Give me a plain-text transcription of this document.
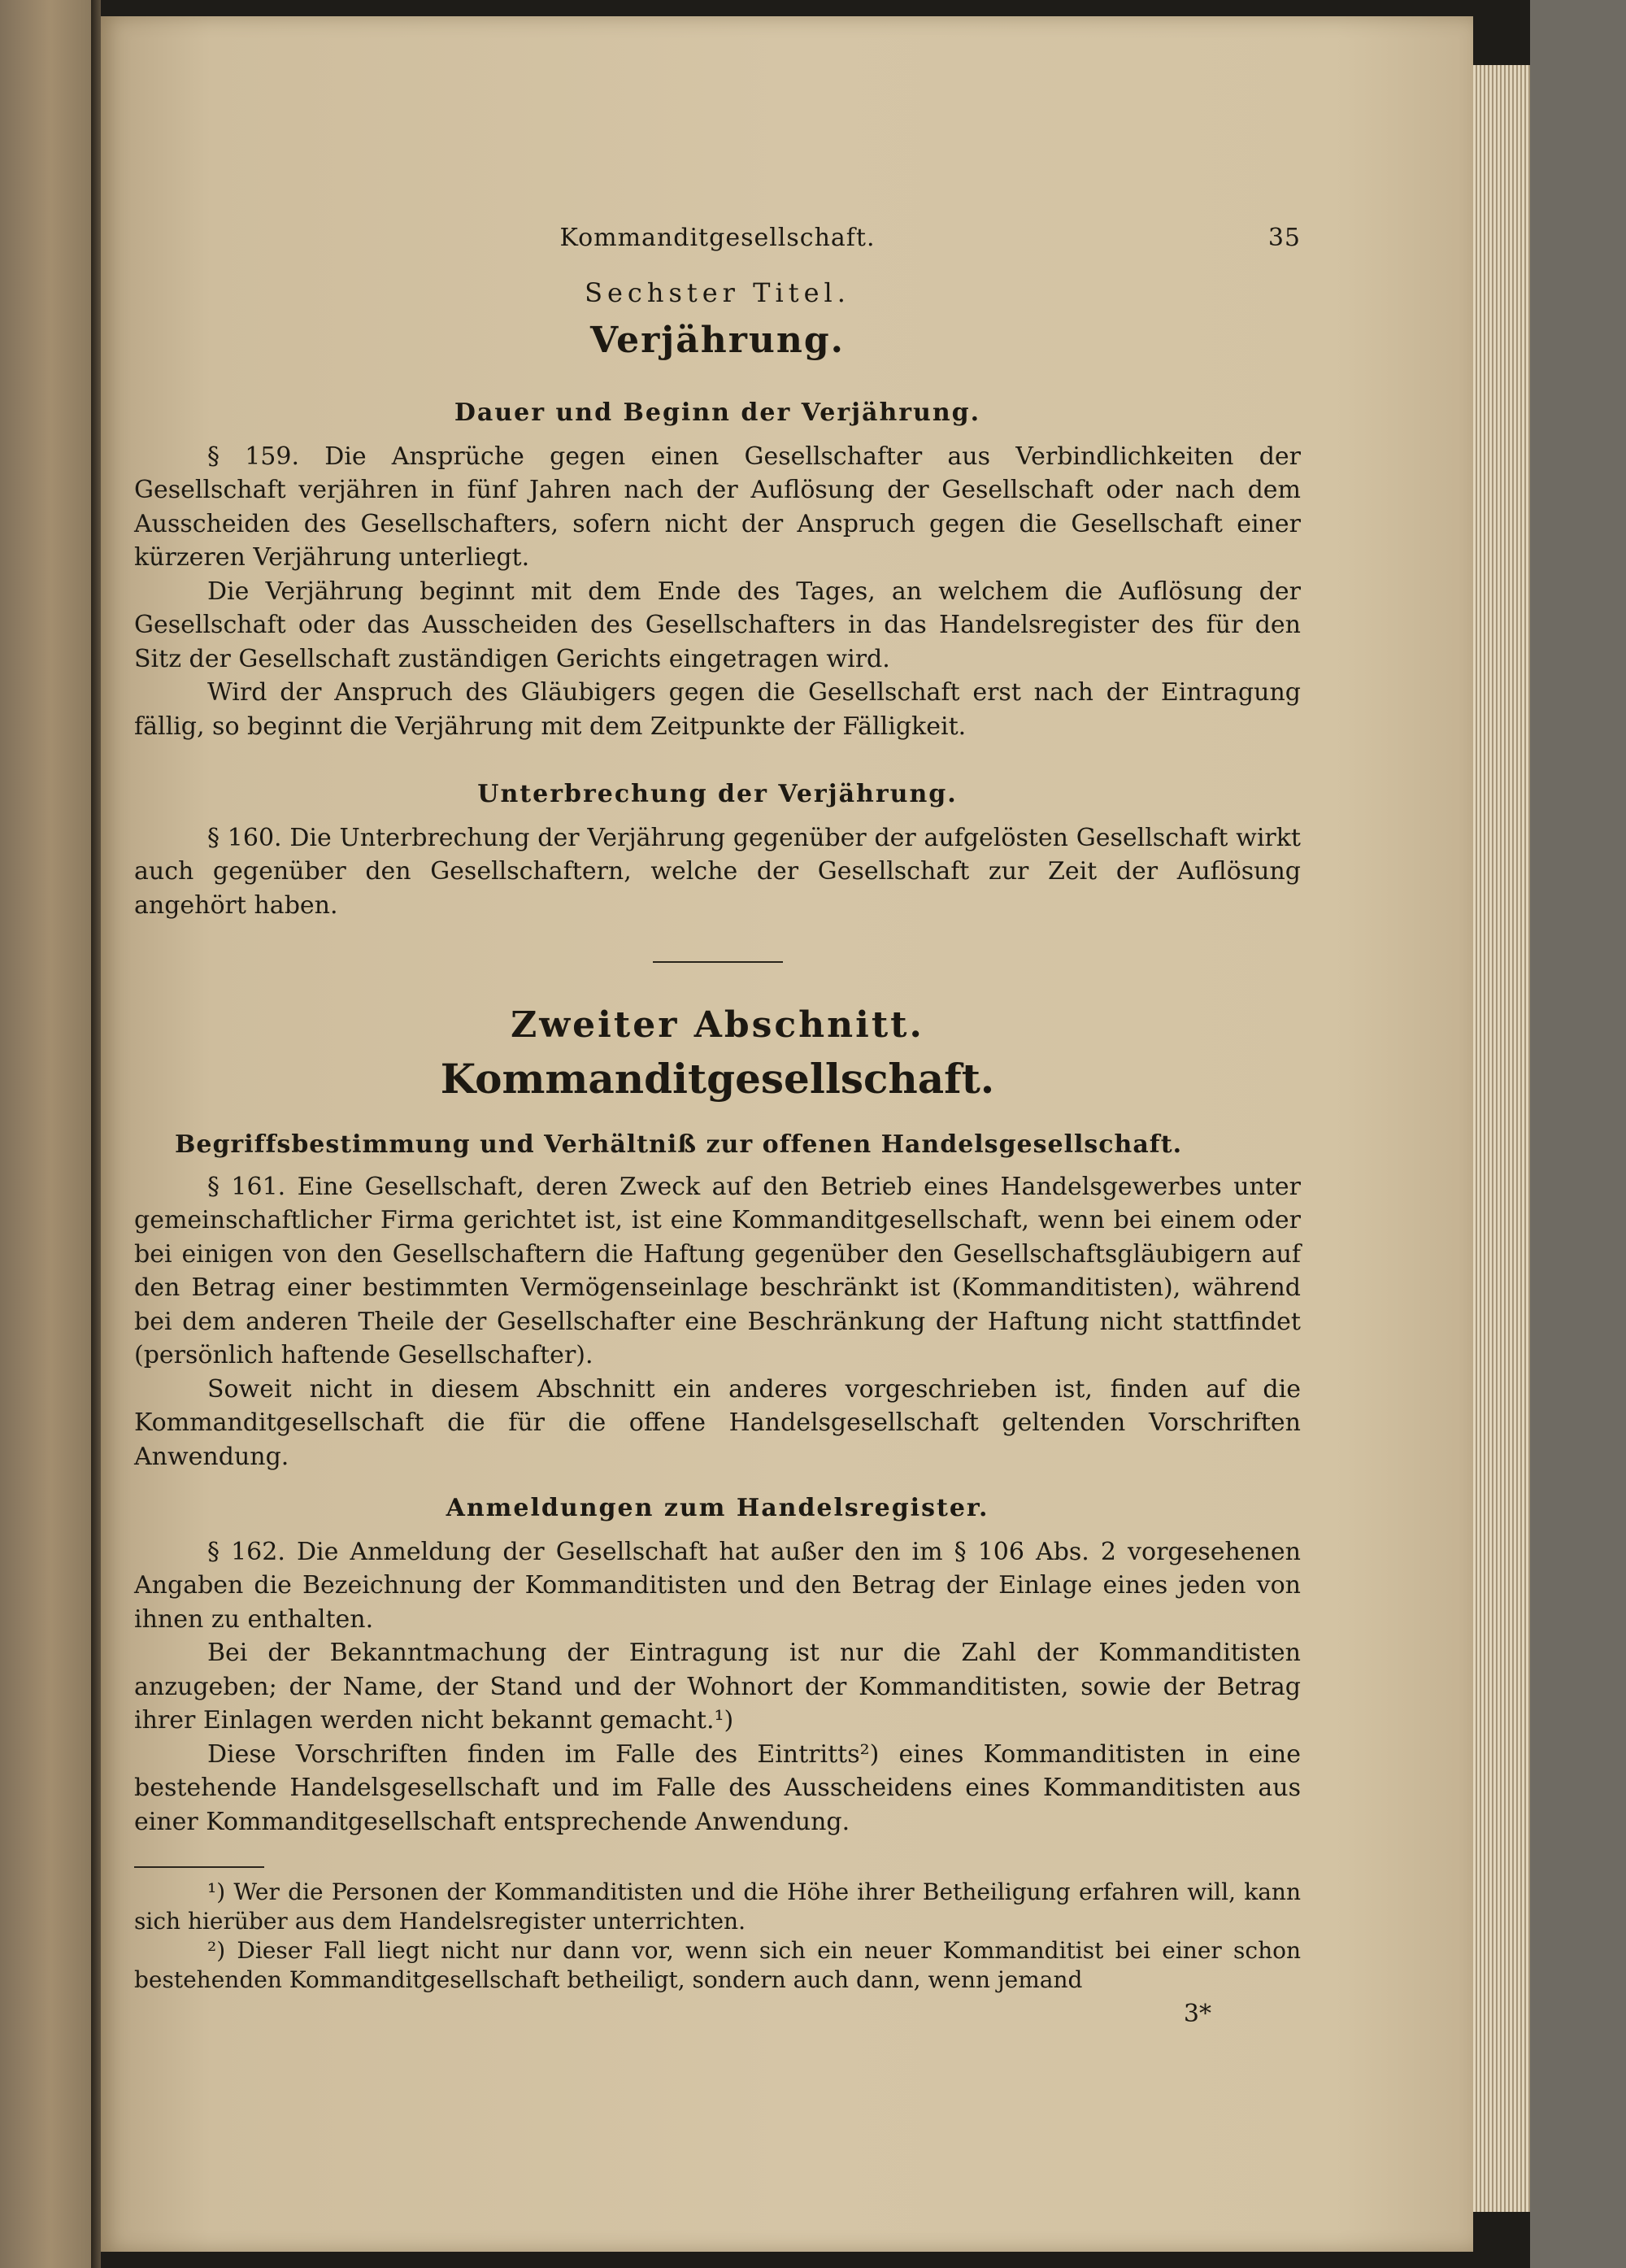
Kommanditgesellschaft.	35
Sechster Titel.
Verjährung.
Dauer und Beginn der Verjährung.

§ 159. Die Ansprüche gegen einen Gesellschafter aus Verbindlichkeiten der Gesellschaft verjähren in fünf Jahren nach der Auflösung der Gesellschaft oder nach dem Ausscheiden des Gesellschafters, sofern nicht der Anspruch gegen die Gesellschaft einer kürzeren Verjährung unterliegt.

Die Verjährung beginnt mit dem Ende des Tages, an welchem die Auflösung der Gesellschaft oder das Ausscheiden des Gesellschafters in das Handelsregister des für den Sitz der Gesellschaft zuständigen Gerichts eingetragen wird.

Wird der Anspruch des Gläubigers gegen die Gesellschaft erst nach der Eintragung fällig, so beginnt die Verjährung mit dem Zeitpunkte der Fälligkeit.

Unterbrechung der Verjährung.

§ 160. Die Unterbrechung der Verjährung gegenüber der aufgelösten Gesellschaft wirkt auch gegenüber den Gesellschaftern, welche der Gesellschaft zur Zeit der Auflösung angehört haben.

Zweiter Abschnitt.
Kommanditgesellschaft.
Begriffsbestimmung und Verhältniß zur offenen Handelsgesellschaft.

§ 161. Eine Gesellschaft, deren Zweck auf den Betrieb eines Handelsgewerbes unter gemeinschaftlicher Firma gerichtet ist, ist eine Kommanditgesellschaft, wenn bei einem oder bei einigen von den Gesellschaftern die Haftung gegenüber den Gesellschaftsgläubigern auf den Betrag einer bestimmten Vermögenseinlage beschränkt ist (Kommanditisten), während bei dem anderen Theile der Gesellschafter eine Beschränkung der Haftung nicht stattfindet (persönlich haftende Gesellschafter).

Soweit nicht in diesem Abschnitt ein anderes vorgeschrieben ist, finden auf die Kommanditgesellschaft die für die offene Handelsgesellschaft geltenden Vorschriften Anwendung.

Anmeldungen zum Handelsregister.

§ 162. Die Anmeldung der Gesellschaft hat außer den im § 106 Abs. 2 vorgesehenen Angaben die Bezeichnung der Kommanditisten und den Betrag der Einlage eines jeden von ihnen zu enthalten.

Bei der Bekanntmachung der Eintragung ist nur die Zahl der Kommanditisten anzugeben; der Name, der Stand und der Wohnort der Kommanditisten, sowie der Betrag ihrer Einlagen werden nicht bekannt gemacht.¹)

Diese Vorschriften finden im Falle des Eintritts²) eines Kommanditisten in eine bestehende Handelsgesellschaft und im Falle des Ausscheidens eines Kommanditisten aus einer Kommanditgesellschaft entsprechende Anwendung.

¹) Wer die Personen der Kommanditisten und die Höhe ihrer Betheiligung erfahren will, kann sich hierüber aus dem Handelsregister unterrichten.

²) Dieser Fall liegt nicht nur dann vor, wenn sich ein neuer Kommanditist bei einer schon bestehenden Kommanditgesellschaft betheiligt, sondern auch dann, wenn jemand

3*
